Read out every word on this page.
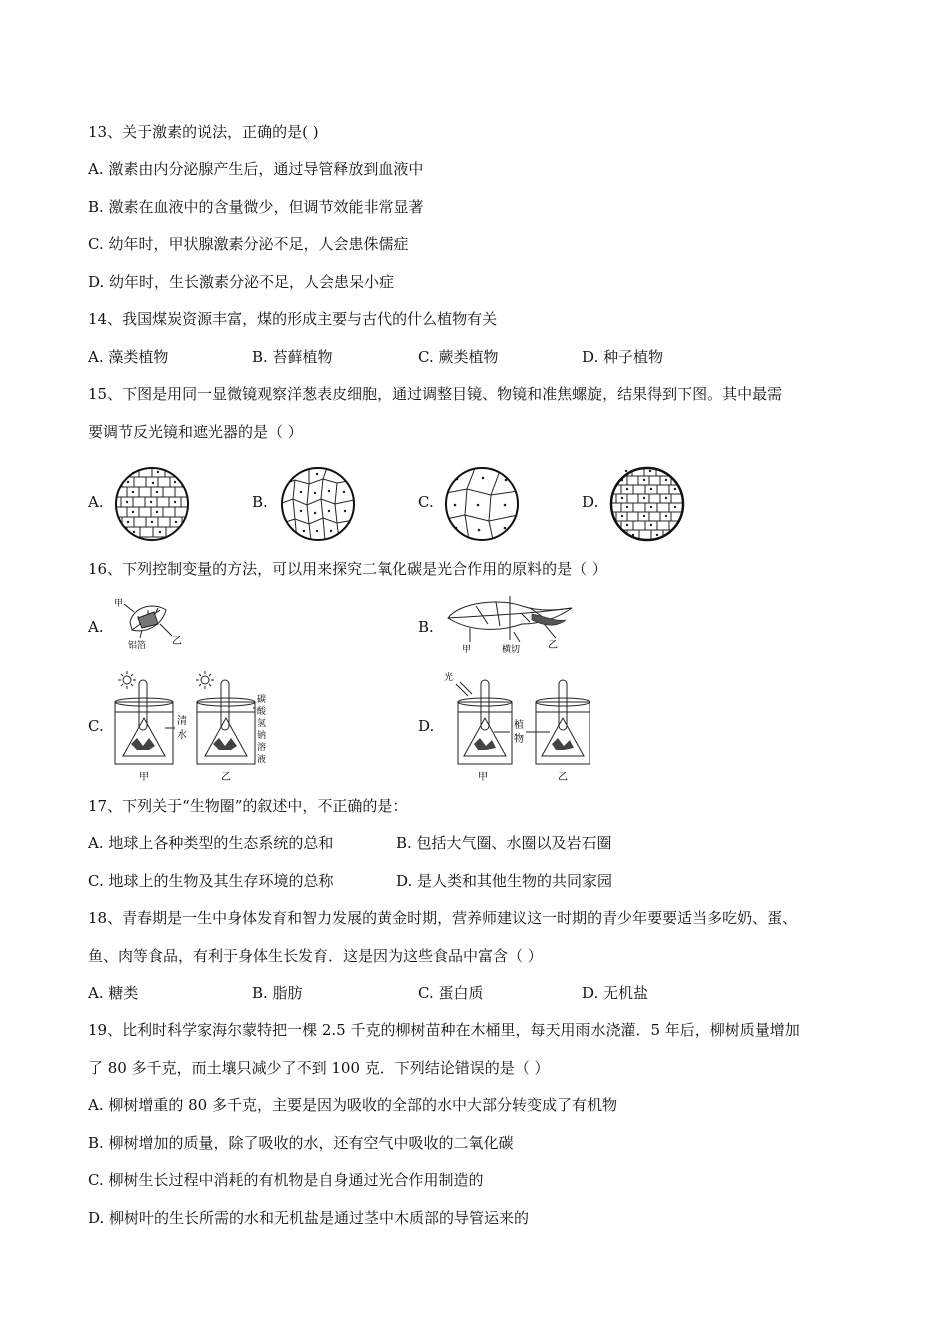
13、关于激素的说法，正确的是( )
A. 激素由内分泌腺产生后，通过导管释放到血液中
B. 激素在血液中的含量微少，但调节效能非常显著
C. 幼年时，甲状腺激素分泌不足，人会患侏儒症
D. 幼年时，生长激素分泌不足，人会患呆小症
14、我国煤炭资源丰富，煤的形成主要与古代的什么植物有关
A. 藻类植物	B. 苔藓植物	C. 蕨类植物	D. 种子植物
15、下图是用同一显微镜观察洋葱表皮细胞，通过调整目镜、物镜和准焦螺旋，结果得到下图。其中最需
要调节反光镜和遮光器的是（ ）
A.	B.	C.	D.
16、下列控制变量的方法，可以用来探究二氧化碳是光合作用的原料的是（ ）
A.	B.
C.	D.
甲
乙
铝箔	甲	横切	乙
清
水
碳
酸
氢
钠
溶
液
甲	乙
光
植
物
甲	乙
17、下列关于“生物圈”的叙述中，不正确的是：
A. 地球上各种类型的生态系统的总和	B. 包括大气圈、水圈以及岩石圈
C. 地球上的生物及其生存环境的总称	D. 是人类和其他生物的共同家园
18、青春期是一生中身体发育和智力发展的黄金时期，营养师建议这一时期的青少年要要适当多吃奶、蛋、
鱼、肉等食品，有利于身体生长发育．这是因为这些食品中富含（ ）
A. 糖类	B. 脂肪	C. 蛋白质	D. 无机盐
19、比利时科学家海尔蒙特把一棵 2.5 千克的柳树苗种在木桶里，每天用雨水浇灌．5 年后，柳树质量增加
了 80 多千克，而土壤只减少了不到 100 克．下列结论错误的是（ ）
A. 柳树增重的 80 多千克，主要是因为吸收的全部的水中大部分转变成了有机物
B. 柳树增加的质量，除了吸收的水，还有空气中吸收的二氧化碳
C. 柳树生长过程中消耗的有机物是自身通过光合作用制造的
D. 柳树叶的生长所需的水和无机盐是通过茎中木质部的导管运来的
